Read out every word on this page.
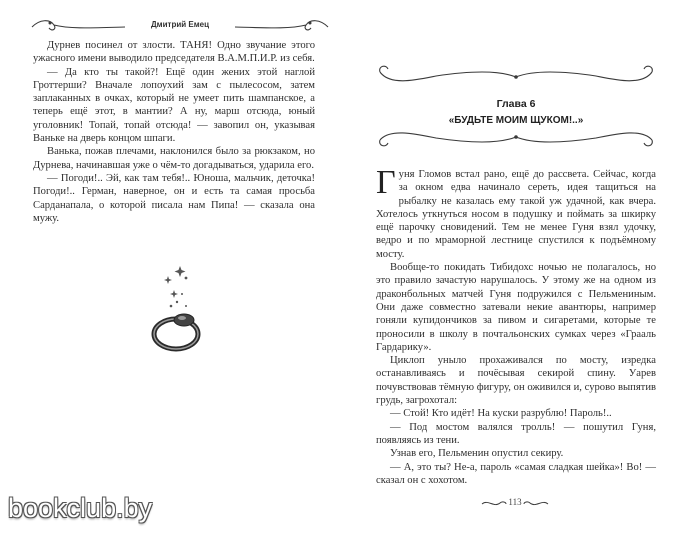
Дмитрий Емец

Дурнев посинел от злости. ТАНЯ! Одно звучание этого ужасного имени выводило председателя В.А.М.П.И.Р. из себя.

— Да кто ты такой?! Ещё один жених этой наглой Гроттерши? Вначале лопоухий зам с пылесосом, затем заплаканных в очках, который не умеет пить шампанское, а теперь ещё этот, в мантии? А ну, марш отсюда, юный уголовник! Топай, топай отсюда! — завопил он, указывая Ваньке на дверь концом шпаги.

Ванька, пожав плечами, наклонился было за рюкзаком, но Дурнева, начинавшая уже о чём-то догадываться, ударила его.

— Погоди!.. Эй, как там тебя!.. Юноша, мальчик, деточка! Погоди!.. Герман, наверное, он и есть та самая просьба Сарданапала, о которой писала нам Пипа! — сказала она мужу.

Глава 6
«БУДЬТЕ МОИМ ЩУКОМ!..»

Гуня Гломов встал рано, ещё до рассвета. Сейчас, когда за окном едва начинало сереть, идея тащиться на рыбалку не казалась ему такой уж удачной, как вчера. Хотелось уткнуться носом в подушку и поймать за шкирку ещё парочку сновидений. Тем не менее Гуня взял удочку, ведро и по мраморной лестнице спустился к подъёмному мосту.

Вообще-то покидать Тибидохс ночью не полагалось, но это правило зачастую нарушалось. У этому же на одном из драконбольных матчей Гуня подружился с Пельмениным. Они даже совместно затевали некие авантюры, например гоняли купидончиков за пивом и сигаретами, которые те проносили в школу в почтальонских сумках через «Грааль Гардарику».

Циклоп уныло прохаживался по мосту, изредка останавливаясь и почёсывая секирой спину. Уарев почувствовав тёмную фигуру, он оживился и, сурово выпятив грудь, загрохотал:

— Стой! Кто идёт! На куски разрублю! Пароль!..

— Под мостом валялся тролль! — пошутил Гуня, появляясь из тени.

Узнав его, Пельменин опустил секиру.

— А, это ты? Не-а, пароль «самая сладкая шейка»! Во! — сказал он с хохотом.

113
bookclub.by
